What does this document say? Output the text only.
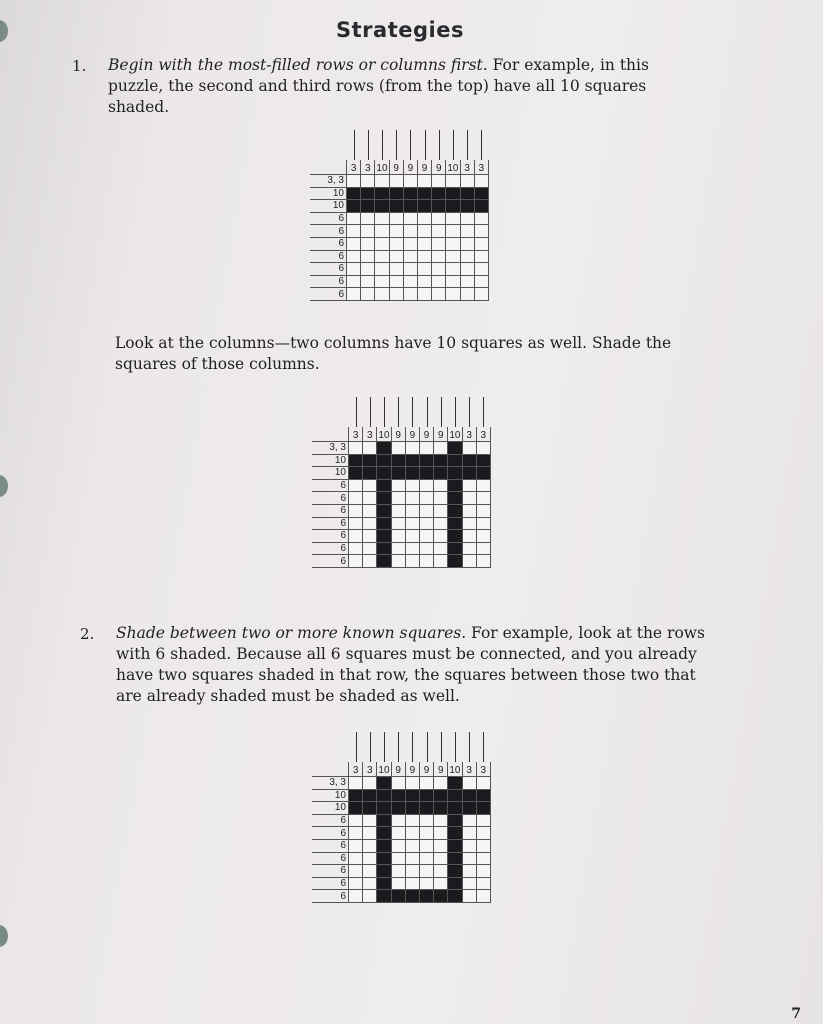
Strategies
1. Begin with the most-filled rows or columns first. For example, in this puzzle, the second and third rows (from the top) have all 10 squares shaded.

3	3	10	9	9	9	9	10	3	3
3, 3										
10										
10										
6										
6										
6										
6										
6										
6										
6										
Look at the columns—two columns have 10 squares as well. Shade the squares of those columns.

3	3	10	9	9	9	9	10	3	3
3, 3										
10										
10										
6										
6										
6										
6										
6										
6										
6										
2. Shade between two or more known squares. For example, look at the rows with 6 shaded. Because all 6 squares must be connected, and you already have two squares shaded in that row, the squares between those two that are already shaded must be shaded as well.

3	3	10	9	9	9	9	10	3	3
3, 3										
10										
10										
6										
6										
6										
6										
6										
6										
6										
7
